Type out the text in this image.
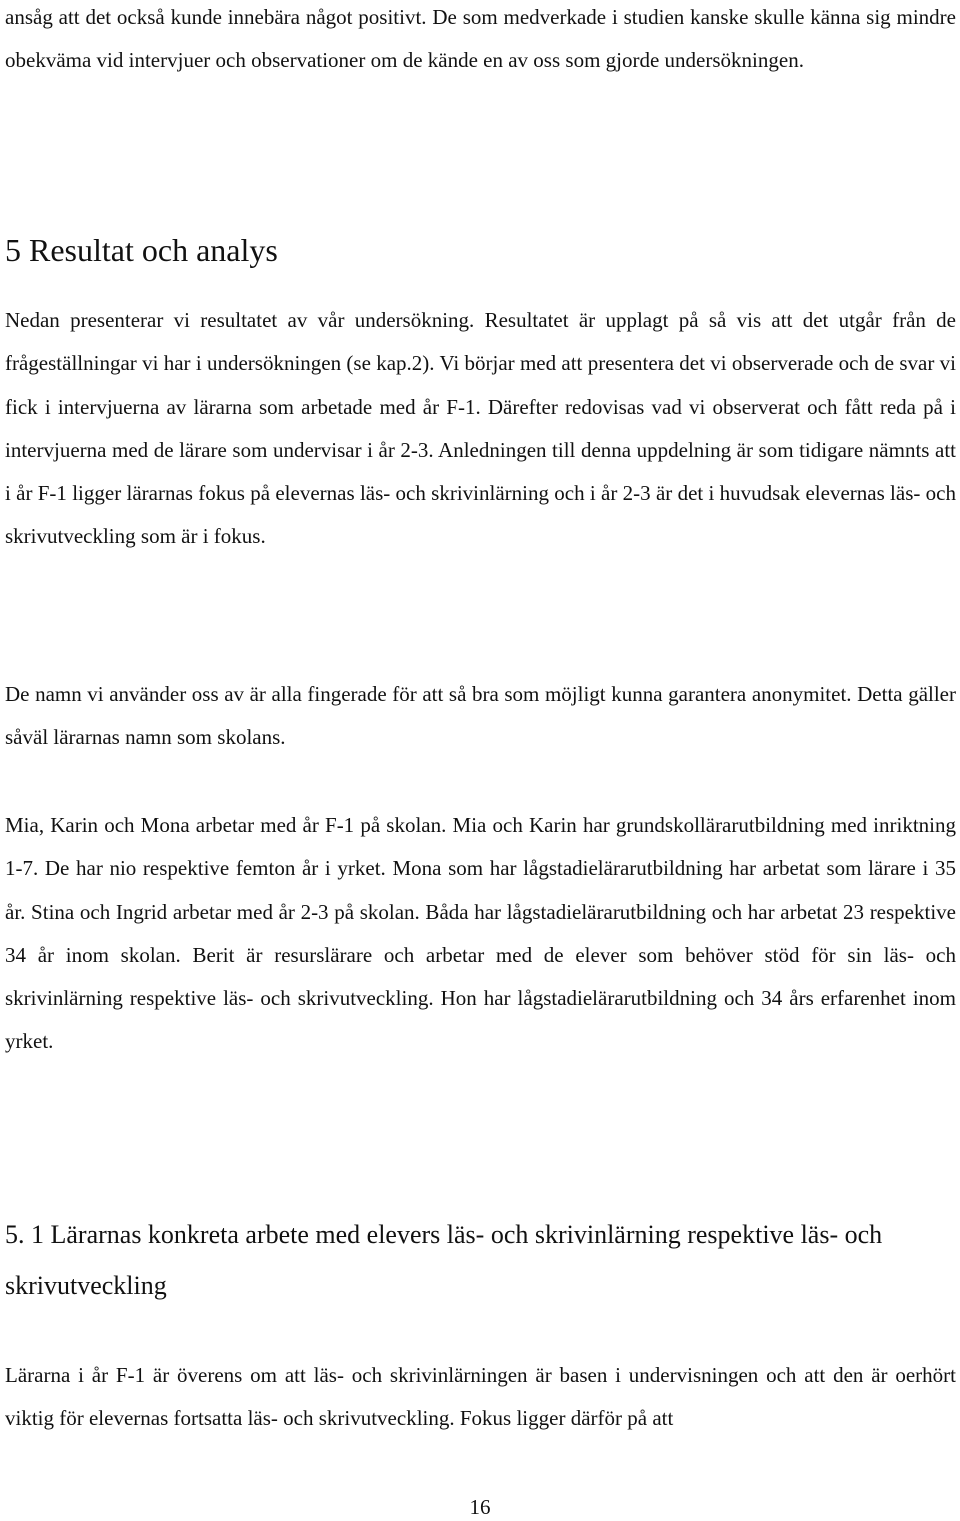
ansåg att det också kunde innebära något positivt. De som medverkade i studien kanske skulle känna sig mindre obekväma vid intervjuer och observationer om de kände en av oss som gjorde undersökningen.

5 Resultat och analys

Nedan presenterar vi resultatet av vår undersökning. Resultatet är upplagt på så vis att det utgår från de frågeställningar vi har i undersökningen (se kap.2). Vi börjar med att presentera det vi observerade och de svar vi fick i intervjuerna av lärarna som arbetade med år F-1. Därefter redovisas vad vi observerat och fått reda på i intervjuerna med de lärare som undervisar i år 2-3. Anledningen till denna uppdelning är som tidigare nämnts att i år F-1 ligger lärarnas fokus på elevernas läs- och skrivinlärning och i år 2-3 är det i huvudsak elevernas läs- och skrivutveckling som är i fokus.

De namn vi använder oss av är alla fingerade för att så bra som möjligt kunna garantera anonymitet. Detta gäller såväl lärarnas namn som skolans.

Mia, Karin och Mona arbetar med år F-1 på skolan. Mia och Karin har grundskollärarutbildning med inriktning 1-7. De har nio respektive femton år i yrket. Mona som har lågstadielärarutbildning har arbetat som lärare i 35 år. Stina och Ingrid arbetar med år 2-3 på skolan. Båda har lågstadielärarutbildning och har arbetat 23 respektive 34 år inom skolan. Berit är resurslärare och arbetar med de elever som behöver stöd för sin läs- och skrivinlärning respektive läs- och skrivutveckling. Hon har lågstadielärarutbildning och 34 års erfarenhet inom yrket.

5. 1 Lärarnas konkreta arbete med elevers läs- och skrivinlärning respektive läs- och skrivutveckling

Lärarna i år F-1 är överens om att läs- och skrivinlärningen är basen i undervisningen och att den är oerhört viktig för elevernas fortsatta läs- och skrivutveckling. Fokus ligger därför på att

16
